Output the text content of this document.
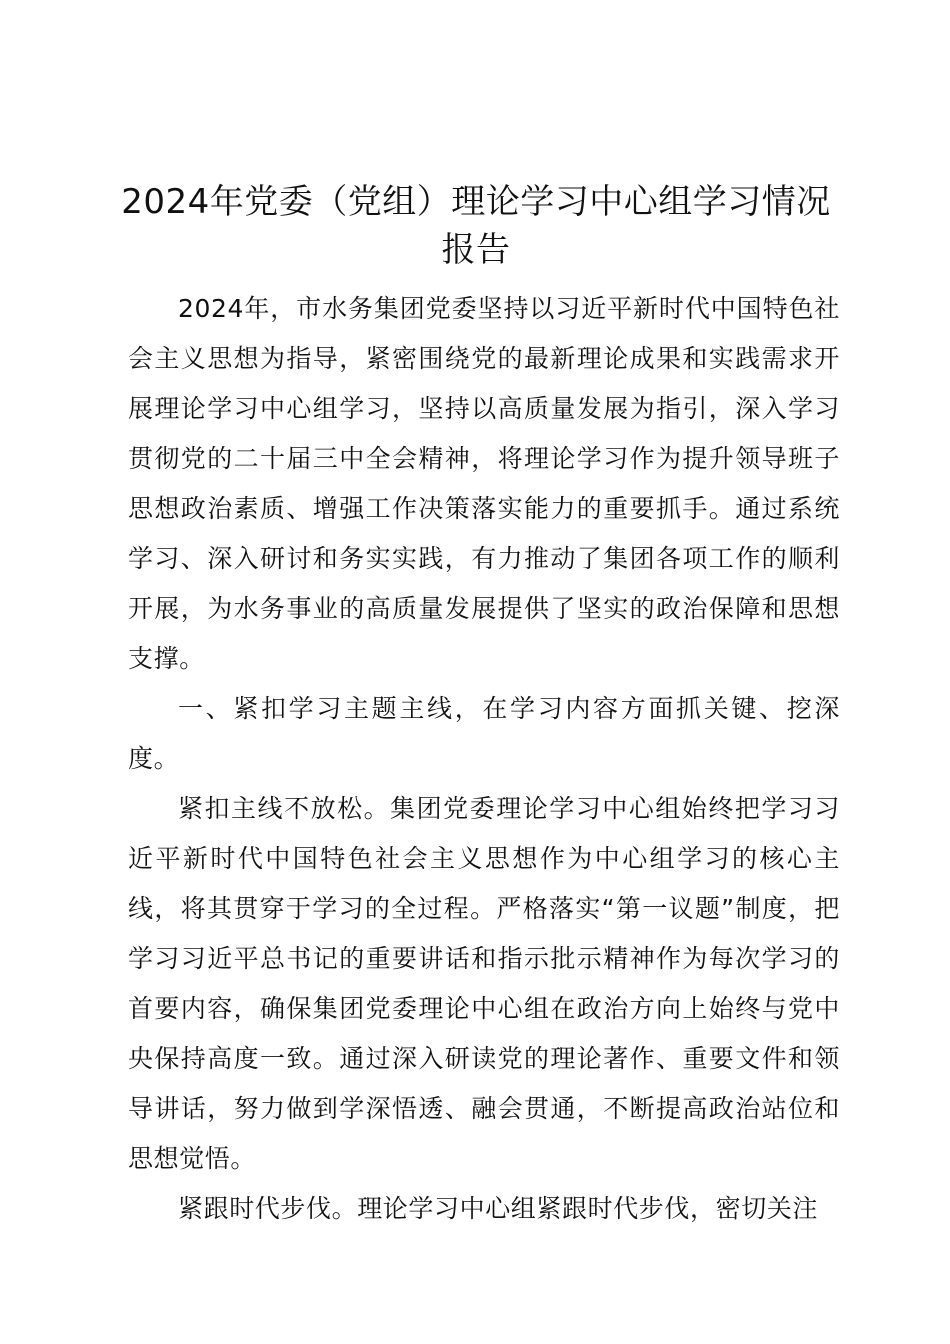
2024年党委（党组）理论学习中心组学习情况报告

2024年，市水务集团党委坚持以习近平新时代中国特色社会主义思想为指导，紧密围绕党的最新理论成果和实践需求开展理论学习中心组学习，坚持以高质量发展为指引，深入学习贯彻党的二十届三中全会精神，将理论学习作为提升领导班子思想政治素质、增强工作决策落实能力的重要抓手。通过系统学习、深入研讨和务实实践，有力推动了集团各项工作的顺利开展，为水务事业的高质量发展提供了坚实的政治保障和思想支撑。

一、紧扣学习主题主线，在学习内容方面抓关键、挖深度。

紧扣主线不放松。集团党委理论学习中心组始终把学习习近平新时代中国特色社会主义思想作为中心组学习的核心主线，将其贯穿于学习的全过程。严格落实“第一议题”制度，把学习习近平总书记的重要讲话和指示批示精神作为每次学习的首要内容，确保集团党委理论中心组在政治方向上始终与党中央保持高度一致。通过深入研读党的理论著作、重要文件和领导讲话，努力做到学深悟透、融会贯通，不断提高政治站位和思想觉悟。

紧跟时代步伐。理论学习中心组紧跟时代步伐，密切关注
